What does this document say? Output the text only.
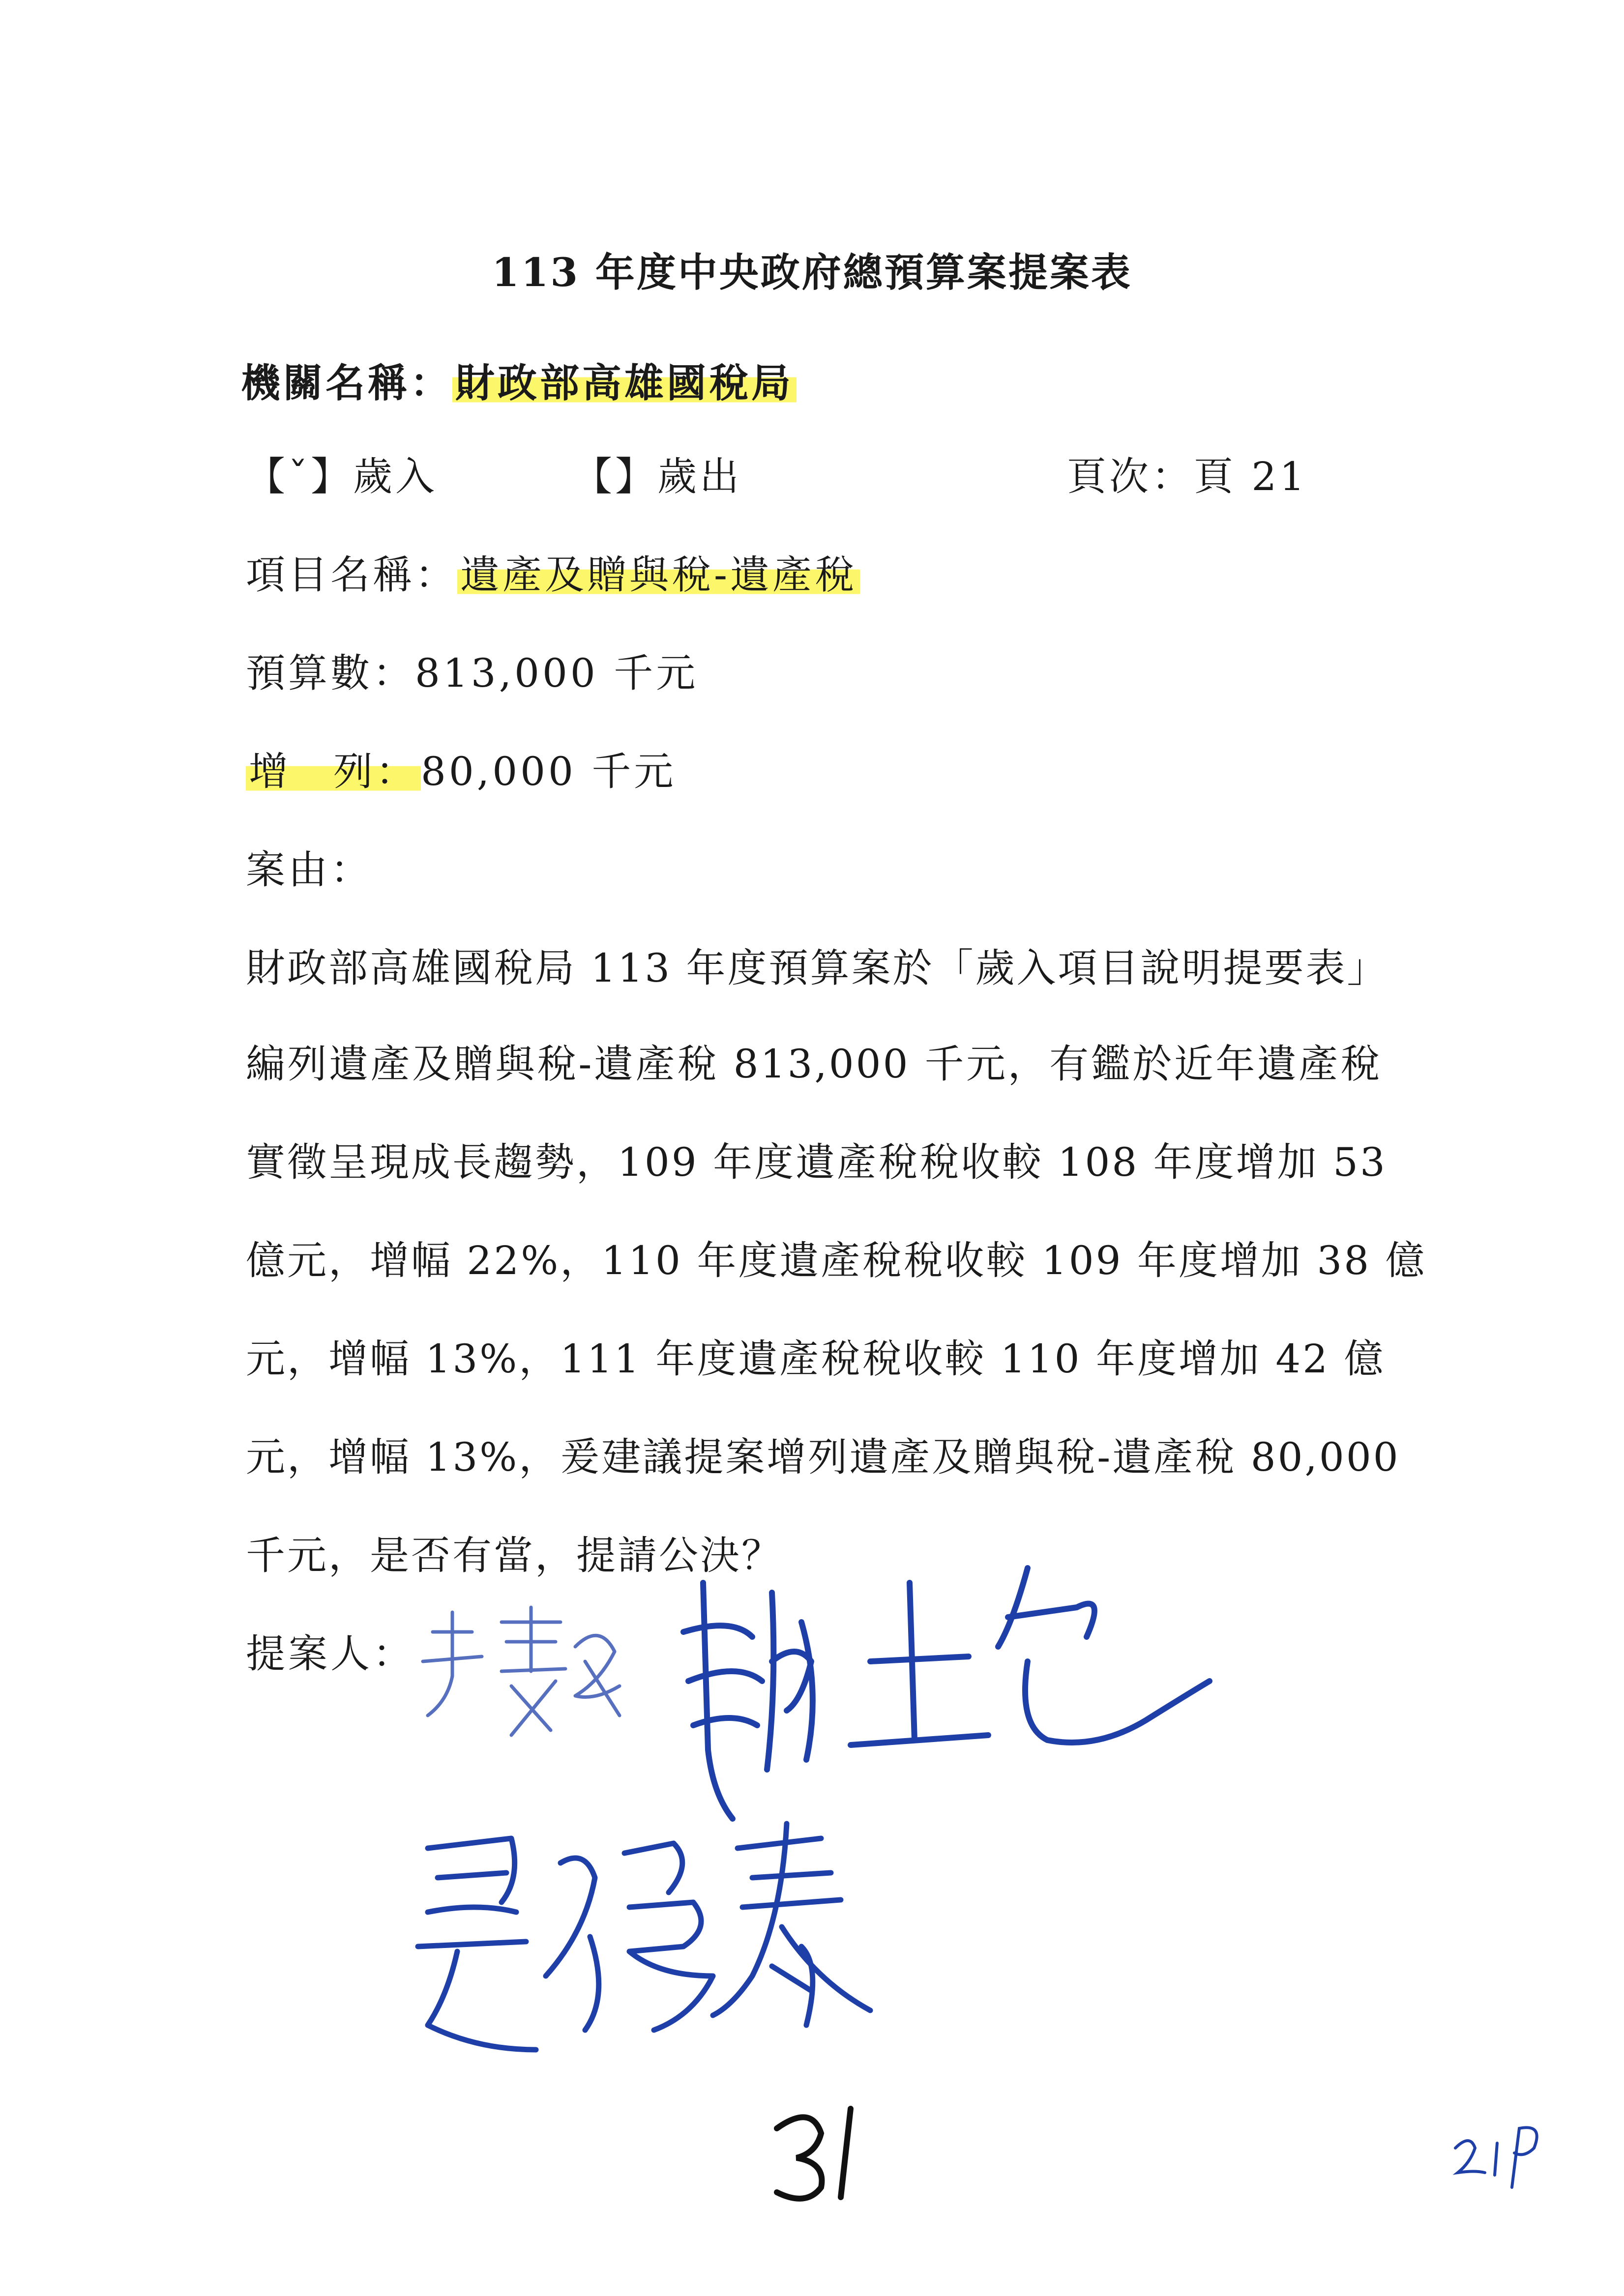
113 年度中央政府總預算案提案表
機關名稱：財政部高雄國稅局
【ˇ】歲入	【】歲出	頁次：頁 21
項目名稱：遺產及贈與稅-遺產稅
預算數：813,000 千元
增　列：80,000 千元
案由：
財政部高雄國稅局 113 年度預算案於「歲入項目說明提要表」
編列遺產及贈與稅-遺產稅 813,000 千元，有鑑於近年遺產稅
實徵呈現成長趨勢，109 年度遺產稅稅收較 108 年度增加 53
億元，增幅 22%，110 年度遺產稅稅收較 109 年度增加 38 億
元，增幅 13%，111 年度遺產稅稅收較 110 年度增加 42 億
元，增幅 13%，爰建議提案增列遺產及贈與稅-遺產稅 80,000
千元，是否有當，提請公決？
提案人：
